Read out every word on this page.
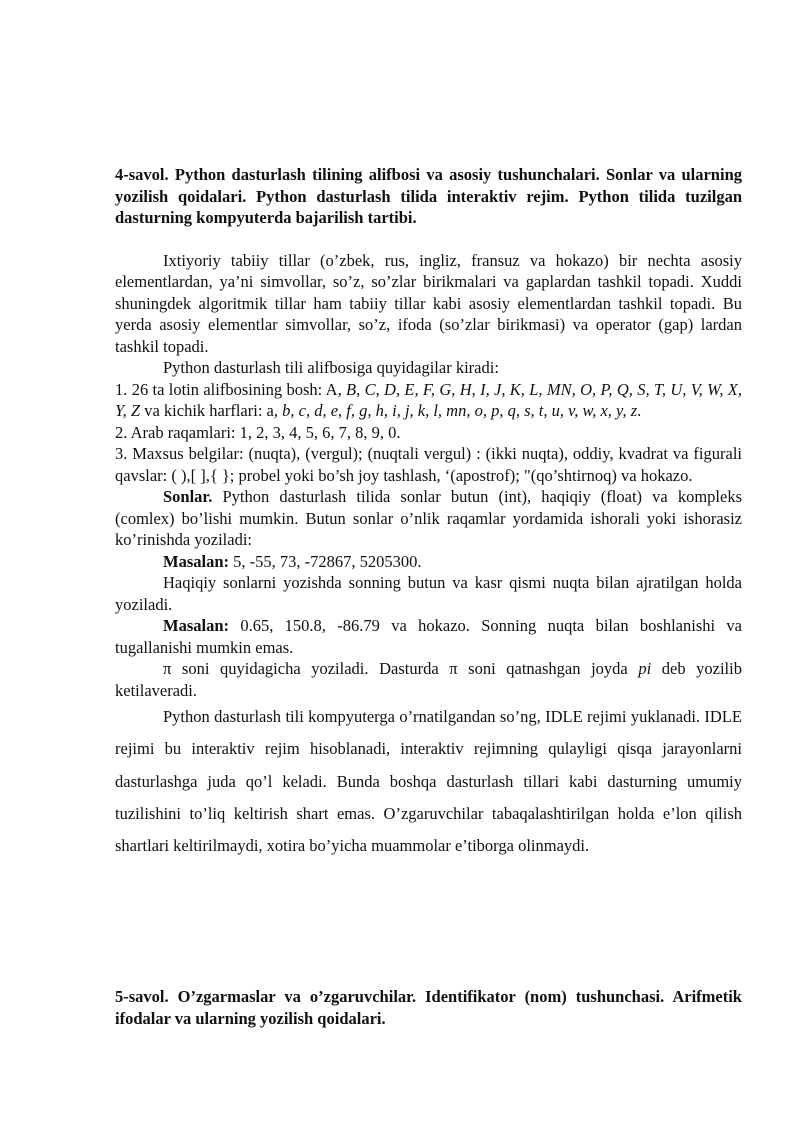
4-savol. Python dasturlash tilining alifbosi va asosiy tushunchalari. Sonlar va ularning yozilish qoidalari. Python dasturlash tilida interaktiv rejim. Python tilida tuzilgan dasturning kompyuterda bajarilish tartibi.

Ixtiyoriy tabiiy tillar (o’zbek, rus, ingliz, fransuz va hokazo) bir nechta asosiy elementlardan, ya’ni simvollar, so’z, so’zlar birikmalari va gaplardan tashkil topadi. Xuddi shuningdek algoritmik tillar ham tabiiy tillar kabi asosiy elementlardan tashkil topadi. Bu yerda asosiy elementlar simvollar, so’z, ifoda (so’zlar birikmasi) va operator (gap) lardan tashkil topadi.

Python dasturlash tili alifbosiga quyidagilar kiradi:

1. 26 ta lotin alifbosining bosh: A, B, C, D, E, F, G, H, I, J, K, L, MN, O, P, Q, S, T, U, V, W, X, Y, Z va kichik harflari: a, b, c, d, e, f, g, h, i, j, k, l, mn, o, p, q, s, t, u, v, w, x, y, z.

2. Arab raqamlari: 1, 2, 3, 4, 5, 6, 7, 8, 9, 0.

3. Maxsus belgilar: (nuqta), (vergul); (nuqtali vergul) : (ikki nuqta), oddiy, kvadrat va figurali qavslar: ( ),[ ],{ }; probel yoki bo’sh joy tashlash, ‘(apostrof); "(qo’shtirnoq) va hokazo.

Sonlar. Python dasturlash tilida sonlar butun (int), haqiqiy (float) va kompleks (comlex) bo’lishi mumkin. Butun sonlar o’nlik raqamlar yordamida ishorali yoki ishorasiz ko’rinishda yoziladi:

Masalan: 5, -55, 73, -72867, 5205300.

Haqiqiy sonlarni yozishda sonning butun va kasr qismi nuqta bilan ajratilgan holda yoziladi.

Masalan: 0.65, 150.8, -86.79 va hokazo. Sonning nuqta bilan boshlanishi va tugallanishi mumkin emas.

π soni quyidagicha yoziladi. Dasturda π soni qatnashgan joyda pi deb yozilib ketilaveradi.

Python dasturlash tili kompyuterga o’rnatilgandan so’ng, IDLE rejimi yuklanadi. IDLE rejimi bu interaktiv rejim hisoblanadi, interaktiv rejimning qulayligi qisqa jarayonlarni dasturlashga juda qo’l keladi. Bunda boshqa dasturlash tillari kabi dasturning umumiy tuzilishini to’liq keltirish shart emas. O’zgaruvchilar tabaqalashtirilgan holda e’lon qilish shartlari keltirilmaydi, xotira bo’yicha muammolar e’tiborga olinmaydi.

5-savol. O’zgarmaslar va o’zgaruvchilar. Identifikator (nom) tushunchasi. Arifmetik ifodalar va ularning yozilish qoidalari.
